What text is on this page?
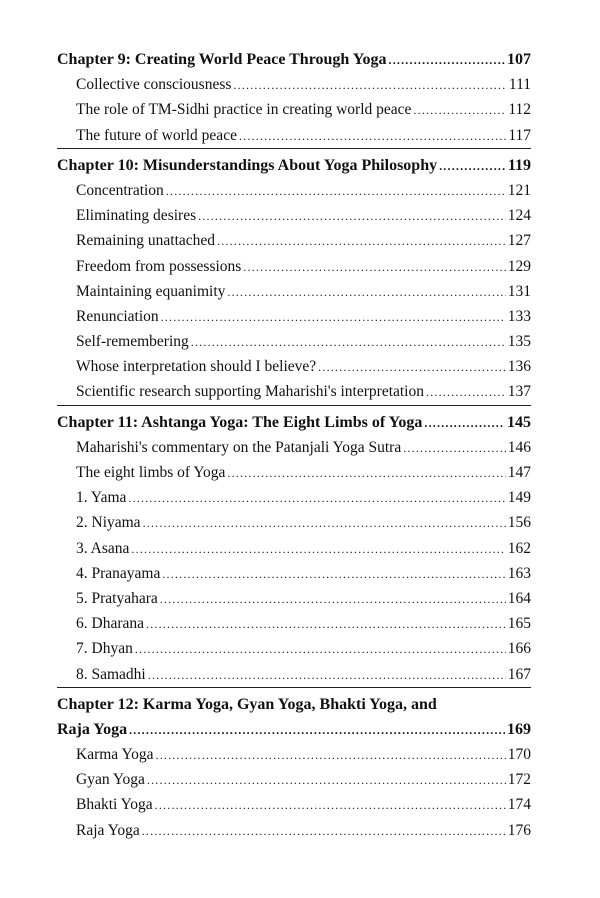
Chapter 9: Creating World Peace Through Yoga .....	107
Collective consciousness .....	111
The role of TM-Sidhi practice in creating world peace .....	112
The future of world peace .....	117
Chapter 10: Misunderstandings About Yoga Philosophy .....	119
Concentration .....	121
Eliminating desires .....	124
Remaining unattached .....	127
Freedom from possessions .....	129
Maintaining equanimity .....	131
Renunciation .....	133
Self-remembering .....	135
Whose interpretation should I believe? .....	136
Scientific research supporting Maharishi's interpretation .....	137
Chapter 11: Ashtanga Yoga: The Eight Limbs of Yoga .....	145
Maharishi's commentary on the Patanjali Yoga Sutra .....	146
The eight limbs of Yoga .....	147
1. Yama .....	149
2. Niyama .....	156
3. Asana .....	162
4. Pranayama .....	163
5. Pratyahara .....	164
6. Dharana .....	165
7. Dhyan .....	166
8. Samadhi .....	167
Chapter 12: Karma Yoga, Gyan Yoga, Bhakti Yoga, and
Raja Yoga .....	169
Karma Yoga .....	170
Gyan Yoga .....	172
Bhakti Yoga .....	174
Raja Yoga .....	176
